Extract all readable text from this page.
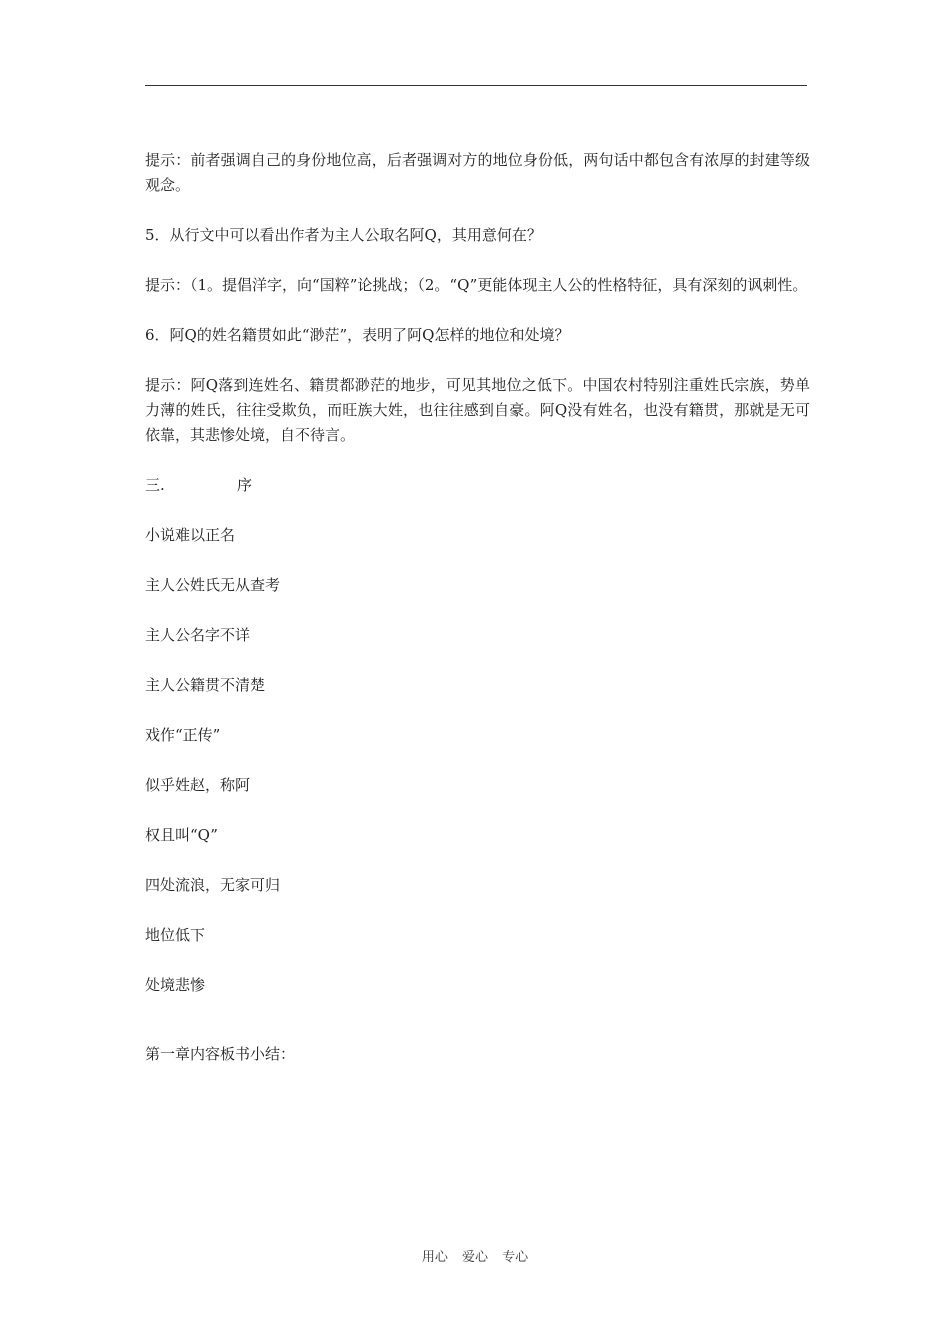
提示：前者强调自己的身份地位高，后者强调对方的地位身份低，两句话中都包含有浓厚的封建等级观念。

5．从行文中可以看出作者为主人公取名阿Q，其用意何在？

提示：（1。提倡洋字，向“国粹”论挑战；（2。“Q”更能体现主人公的性格特征，具有深刻的讽刺性。

6．阿Q的姓名籍贯如此“渺茫”，表明了阿Q怎样的地位和处境？

提示：阿Q落到连姓名、籍贯都渺茫的地步，可见其地位之低下。中国农村特别注重姓氏宗族，势单力薄的姓氏，往往受欺负，而旺族大姓，也往往感到自豪。阿Q没有姓名，也没有籍贯，那就是无可依靠，其悲惨处境，自不待言。

三.	序
小说难以正名
主人公姓氏无从查考
主人公名字不详
主人公籍贯不清楚
戏作“正传”
似乎姓赵，称阿
权且叫“Q”
四处流浪，无家可归
地位低下
处境悲惨
第一章内容板书小结：
用心 爱心 专心
